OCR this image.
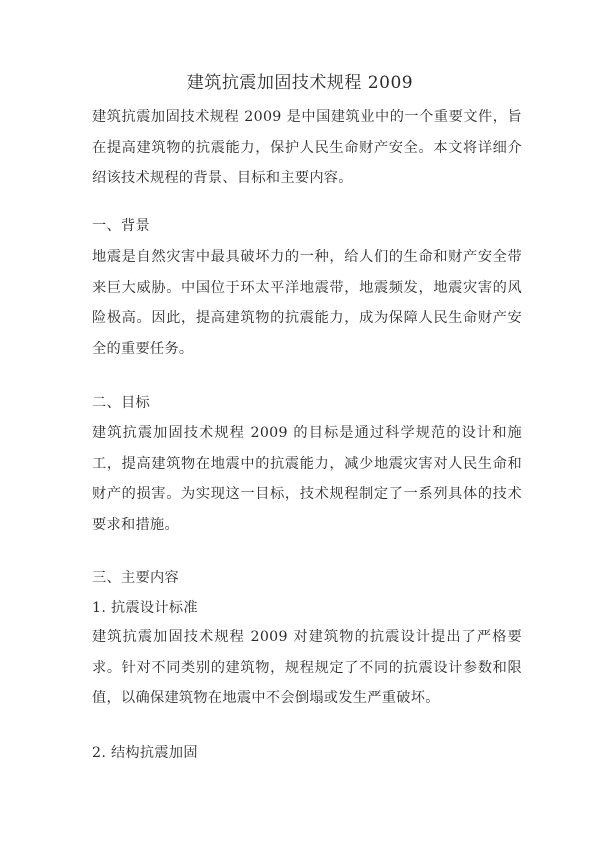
建筑抗震加固技术规程 2009

建筑抗震加固技术规程 2009 是中国建筑业中的一个重要文件，旨在提高建筑物的抗震能力，保护人民生命财产安全。本文将详细介绍该技术规程的背景、目标和主要内容。

一、背景

地震是自然灾害中最具破坏力的一种，给人们的生命和财产安全带来巨大威胁。中国位于环太平洋地震带，地震频发，地震灾害的风险极高。因此，提高建筑物的抗震能力，成为保障人民生命财产安全的重要任务。

二、目标

建筑抗震加固技术规程 2009 的目标是通过科学规范的设计和施工，提高建筑物在地震中的抗震能力，减少地震灾害对人民生命和财产的损害。为实现这一目标，技术规程制定了一系列具体的技术要求和措施。

三、主要内容
1. 抗震设计标准

建筑抗震加固技术规程 2009 对建筑物的抗震设计提出了严格要求。针对不同类别的建筑物，规程规定了不同的抗震设计参数和限值，以确保建筑物在地震中不会倒塌或发生严重破坏。

2. 结构抗震加固
